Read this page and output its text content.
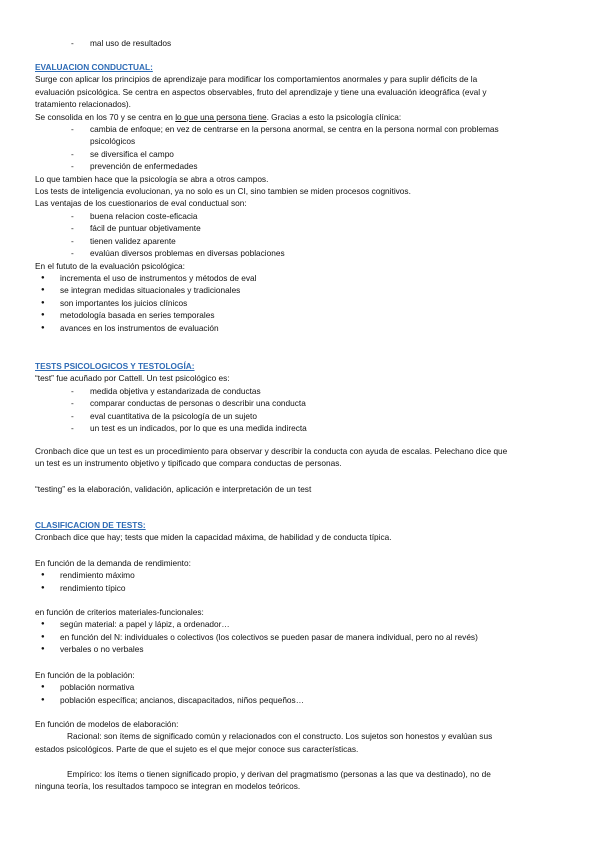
- mal uso de resultados
EVALUACION CONDUCTUAL:
Surge con aplicar los principios de aprendizaje para modificar los comportamientos anormales y para suplir déficits de la
evaluación psicológica. Se centra en aspectos observables, fruto del aprendizaje y tiene una evaluación ideográfica (eval y
tratamiento relacionados).
Se consolida en los 70 y se centra en lo que una persona tiene. Gracias a esto la psicología clínica:
- cambia de enfoque; en vez de centrarse en la persona anormal, se centra en la persona normal con problemas
psicológicos
- se diversifica el campo
- prevención de enfermedades
Lo que tambien hace que la psicología se abra a otros campos.
Los tests de inteligencia evolucionan, ya no solo es un CI, sino tambien se miden procesos cognitivos.
Las ventajas de los cuestionarios de eval conductual son:
- buena relacion coste-eficacia
- fácil de puntuar objetivamente
- tienen validez aparente
- evalúan diversos problemas en diversas poblaciones
En el fututo de la evaluación psicológica:
● incrementa el uso de instrumentos y métodos de eval
● se integran medidas situacionales y tradicionales
● son importantes los juicios clínicos
● metodología basada en series temporales
● avances en los instrumentos de evaluación
TESTS PSICOLOGICOS Y TESTOLOGÍA:
“test” fue acuñado por Cattell. Un test psicológico es:
- medida objetiva y estandarizada de conductas
- comparar conductas de personas o describir una conducta
- eval cuantitativa de la psicología de un sujeto
- un test es un indicados, por lo que es una medida indirecta
Cronbach dice que un test es un procedimiento para observar y describir la conducta con ayuda de escalas. Pelechano dice que
un test es un instrumento objetivo y tipificado que compara conductas de personas.
“testing” es la elaboración, validación, aplicación e interpretación de un test
CLASIFICACION DE TESTS:
Cronbach dice que hay; tests que miden la capacidad máxima, de habilidad y de conducta típica.
En función de la demanda de rendimiento:
● rendimiento máximo
● rendimiento típico
en función de criterios materiales-funcionales:
● según material: a papel y lápiz, a ordenador…
● en función del N: individuales o colectivos (los colectivos se pueden pasar de manera individual, pero no al revés)
● verbales o no verbales
En función de la población:
● población normativa
● población específica; ancianos, discapacitados, niños pequeños…
En función de modelos de elaboración:
Racional: son ítems de significado común y relacionados con el constructo. Los sujetos son honestos y evalúan sus
estados psicológicos. Parte de que el sujeto es el que mejor conoce sus características.
Empírico: los ítems o tienen significado propio, y derivan del pragmatismo (personas a las que va destinado), no de
ninguna teoría, los resultados tampoco se integran en modelos teóricos.
